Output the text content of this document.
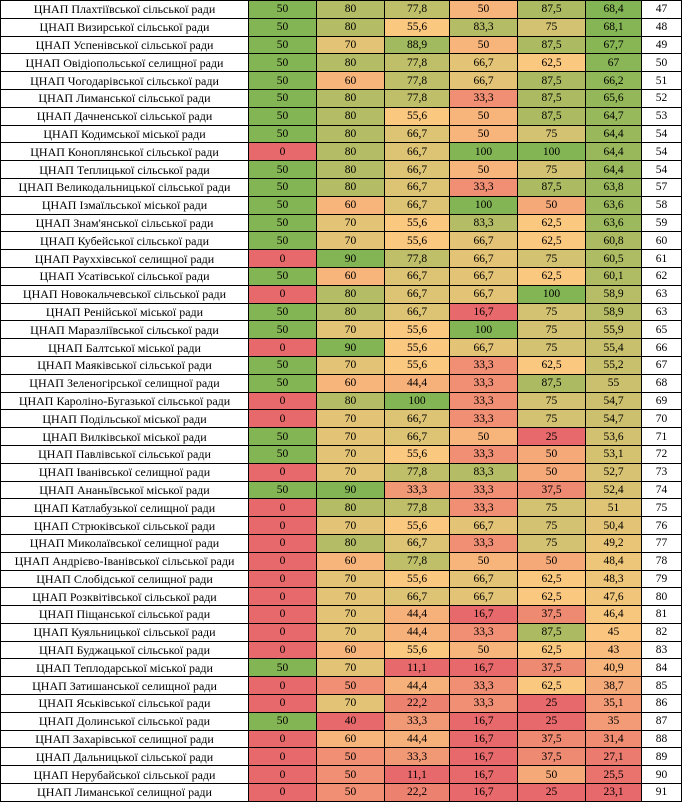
ЦНАП Плахтіївської сільської ради	50	80	77,8	50	87,5	68,4	47
ЦНАП Визирської сільської ради	50	80	55,6	83,3	75	68,1	48
ЦНАП Успенівської сільської ради	50	70	88,9	50	87,5	67,7	49
ЦНАП Овідіопольської селищної ради	50	80	77,8	66,7	62,5	67	50
ЦНАП Чогодарівської сільської ради	50	60	77,8	66,7	87,5	66,2	51
ЦНАП Лиманської сільської ради	50	80	77,8	33,3	87,5	65,6	52
ЦНАП Дачненської сільської ради	50	80	55,6	50	87,5	64,7	53
ЦНАП Кодимської міської ради	50	80	66,7	50	75	64,4	54
ЦНАП Коноплянської сільської ради	0	80	66,7	100	100	64,4	54
ЦНАП Теплицької сільської ради	50	80	66,7	50	75	64,4	54
ЦНАП Великодальницької сільської ради	50	80	66,7	33,3	87,5	63,8	57
ЦНАП Ізмаїльської міської ради	50	60	66,7	100	50	63,6	58
ЦНАП Знам'янської сільської ради	50	70	55,6	83,3	62,5	63,6	59
ЦНАП Кубейської сільської ради	50	70	55,6	66,7	62,5	60,8	60
ЦНАП Рауххівської селищної ради	0	90	77,8	66,7	75	60,5	61
ЦНАП Усатівської сільської ради	50	60	66,7	66,7	62,5	60,1	62
ЦНАП Новокальчевської сільської ради	0	80	66,7	66,7	100	58,9	63
ЦНАП Ренійської міської ради	50	80	66,7	16,7	75	58,9	63
ЦНАП Маразліївської сільської ради	50	70	55,6	100	75	55,9	65
ЦНАП Балтської міської ради	0	90	55,6	66,7	75	55,4	66
ЦНАП Маяківської сільської ради	50	70	55,6	33,3	62,5	55,2	67
ЦНАП Зеленогірської селищної ради	50	60	44,4	33,3	87,5	55	68
ЦНАП Кароліно-Бугазької сільської ради	0	80	100	33,3	75	54,7	69
ЦНАП Подільської міської ради	0	70	66,7	33,3	75	54,7	70
ЦНАП Вилківської міської ради	50	70	66,7	50	25	53,6	71
ЦНАП Павлівської сільської ради	50	70	55,6	33,3	50	53,1	72
ЦНАП Іванівської селищної ради	0	70	77,8	83,3	50	52,7	73
ЦНАП Ананьївської міської ради	50	90	33,3	33,3	37,5	52,4	74
ЦНАП Катлабузької селищної ради	0	80	77,8	33,3	75	51	75
ЦНАП Стрюківської сільської ради	0	70	55,6	66,7	75	50,4	76
ЦНАП Миколаївської селищної ради	0	80	66,7	33,3	75	49,2	77
ЦНАП Андрієво-Іванівської сільської ради	0	60	77,8	50	50	48,4	78
ЦНАП Слобідської селищної ради	0	70	55,6	66,7	62,5	48,3	79
ЦНАП Розквітівської сільської ради	0	70	66,7	66,7	62,5	47,6	80
ЦНАП Піщанської сільської ради	0	70	44,4	16,7	37,5	46,4	81
ЦНАП Куяльницької сільської ради	0	70	44,4	33,3	87,5	45	82
ЦНАП Буджацької сільської ради	0	60	55,6	50	62,5	43	83
ЦНАП Теплодарської міської ради	50	70	11,1	16,7	37,5	40,9	84
ЦНАП Затишанської селищної ради	0	50	44,4	33,3	62,5	38,7	85
ЦНАП Яськівської сільської ради	0	70	22,2	33,3	25	35,1	86
ЦНАП Долинської сільської ради	50	40	33,3	16,7	25	35	87
ЦНАП Захарівської селищної ради	0	60	44,4	16,7	37,5	31,4	88
ЦНАП Дальницької сільської ради	0	50	33,3	16,7	37,5	27,1	89
ЦНАП Нерубайської сільської ради	0	50	11,1	16,7	50	25,5	90
ЦНАП Лиманської селищної ради	0	50	22,2	16,7	25	23,1	91
